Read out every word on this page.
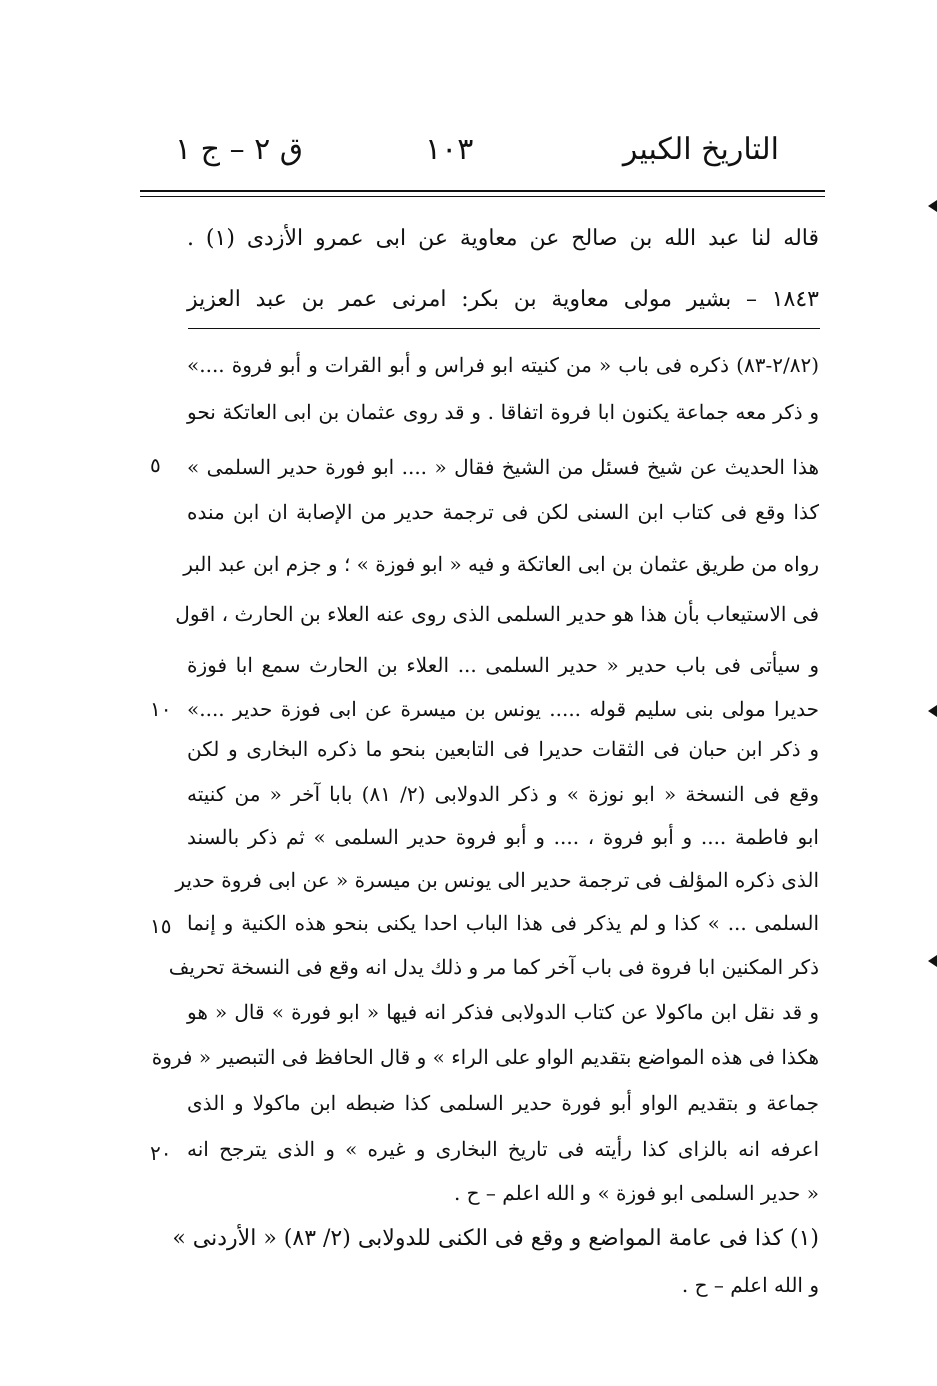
التاريخ الكبير
١٠٣
ق ٢ – ج ١
قاله لنا عبد الله بن صالح عن معاوية عن ابى عمرو الأزدى (١) .
١٨٤٣ – بشير مولى معاوية بن بكر: امرنى عمر بن عبد العزيز
(٢/٨٢-٨٣) ذكره فى باب « من كنيته ابو فراس و أبو القرات و أبو فروة ....»
و ذكر معه جماعة يكنون ابا فروة اتفاقا . و قد روى عثمان بن ابى العاتكة نحو
هذا الحديث عن شيخ فسئل من الشيخ فقال « .... ابو فورة حدير السلمى »
كذا وقع فى كتاب ابن السنى لكن فى ترجمة حدير من الإصابة ان ابن منده
رواه من طريق عثمان بن ابى العاتكة و فيه « ابو فوزة » ؛ و جزم ابن عبد البر
فى الاستيعاب بأن هذا هو حدير السلمى الذى روى عنه العلاء بن الحارث ، اقول
و سيأتى فى باب حدير « حدير السلمى ... العلاء بن الحارث سمع ابا فوزة
حديرا مولى بنى سليم قوله ..... يونس بن ميسرة عن ابى فوزة حدير ....»
و ذكر ابن حبان فى الثقات حديرا فى التابعين بنحو ما ذكره البخارى و لكن
وقع فى النسخة « ابو نوزة » و ذكر الدولابى (٢/ ٨١) بابا آخر « من كنيته
ابو فاطمة .... و أبو فروة ، .... و أبو فروة حدير السلمى » ثم ذكر بالسند
الذى ذكره المؤلف فى ترجمة حدير الى يونس بن ميسرة « عن ابى فروة حدير
السلمى ... » كذا و لم يذكر فى هذا الباب احدا يكنى بنحو هذه الكنية و إنما
ذكر المكنين ابا فروة فى باب آخر كما مر و ذلك يدل انه وقع فى النسخة تحريف
و قد نقل ابن ماكولا عن كتاب الدولابى فذكر انه فيها « ابو فورة » قال « هو
هكذا فى هذه المواضع بتقديم الواو على الراء » و قال الحافظ فى التبصير « فروة
جماعة و بتقديم الواو أبو فورة حدير السلمى كذا ضبطه ابن ماكولا و الذى
اعرفه انه بالزاى كذا رأيته فى تاريخ البخارى و غيره » و الذى يترجح انه
« حدير السلمى ابو فوزة » و الله اعلم – ح .
(١) كذا فى عامة المواضع و وقع فى الكنى للدولابى (٢/ ٨٣) « الأردنى »
و الله اعلم – ح .
٥
١٠
١٥
٢٠
